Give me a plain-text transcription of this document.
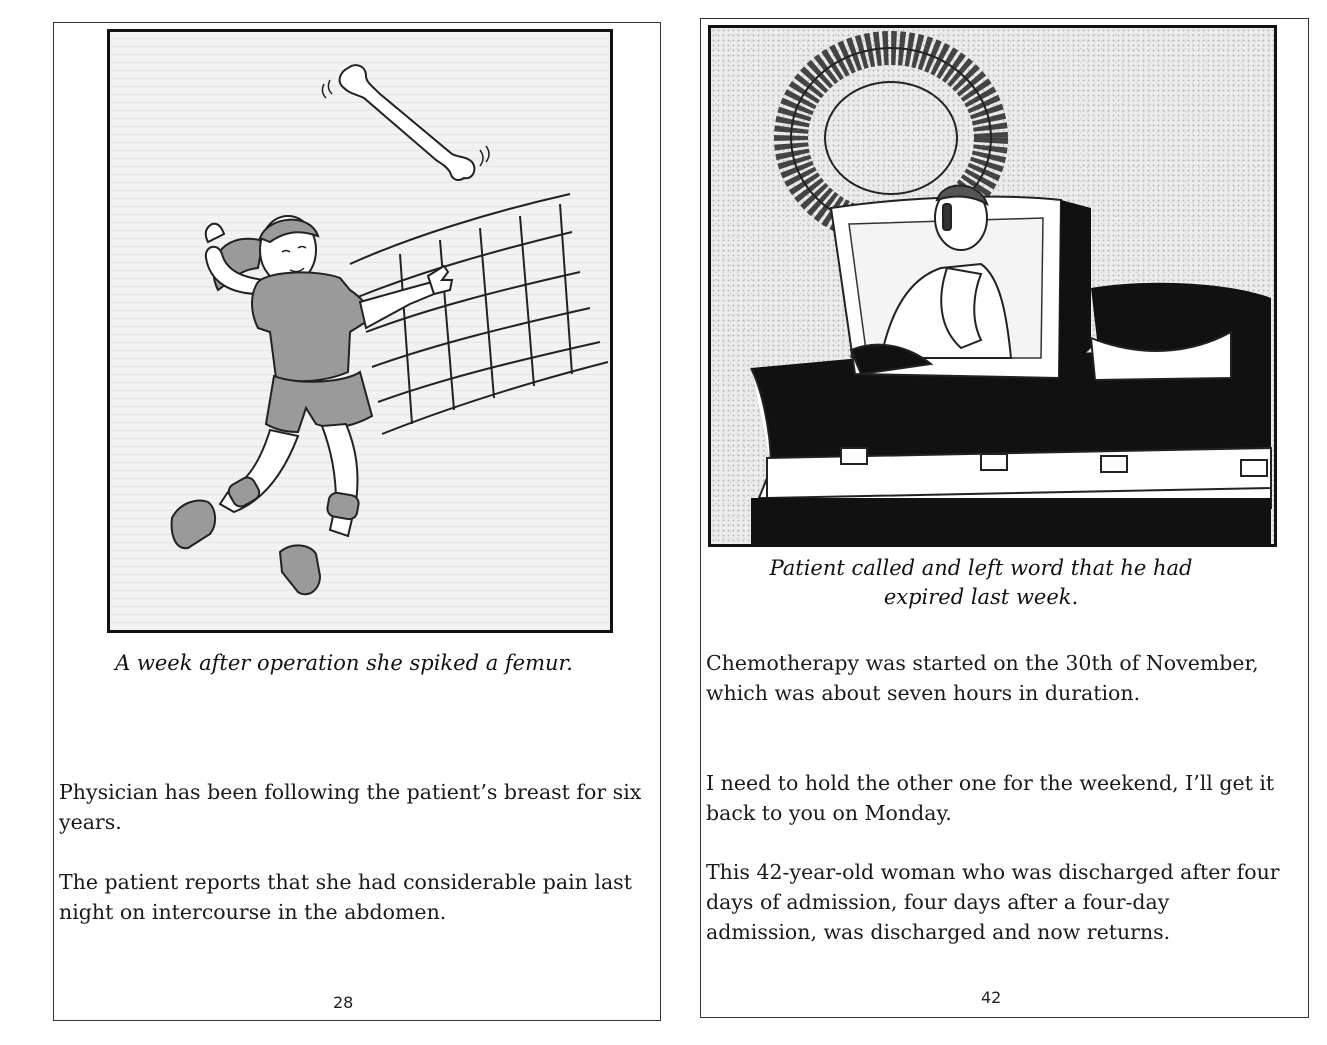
A week after operation she spiked a femur.

Physician has been following the patient’s breast for six years.

The patient reports that she had considerable pain last night on intercourse in the abdomen.

28
Patient called and left word that he had expired last week.

Chemotherapy was started on the 30th of November, which was about seven hours in duration.

I need to hold the other one for the weekend, I’ll get it back to you on Monday.

This 42-year-old woman who was discharged after four days of admission, four days after a four-day admission, was discharged and now returns.

42
